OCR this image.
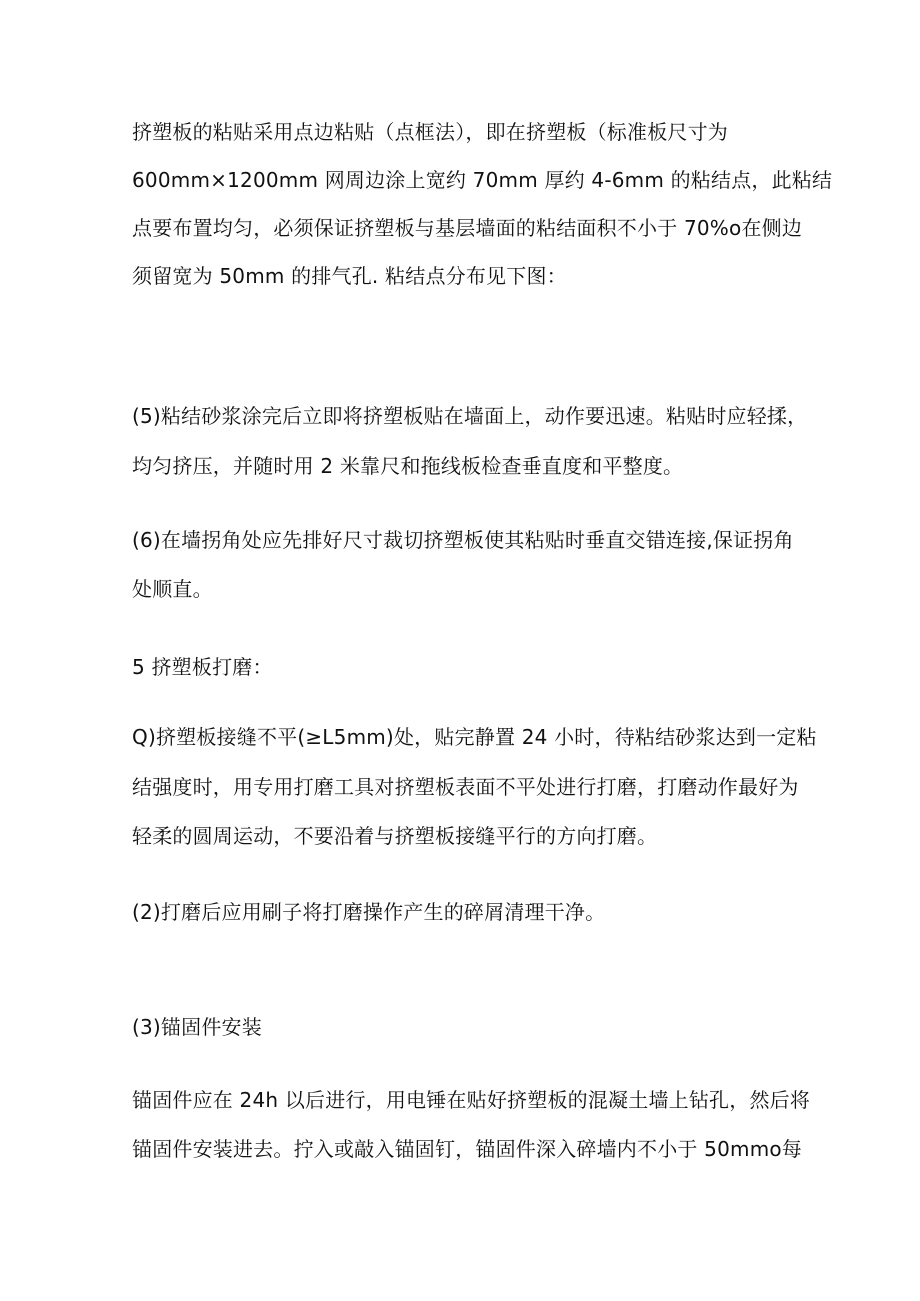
挤塑板的粘贴采用点边粘贴（点框法），即在挤塑板（标准板尺寸为
600mm×1200mm 网周边涂上宽约 70mm 厚约 4-6mm 的粘结点，此粘结
点要布置均匀，必须保证挤塑板与基层墙面的粘结面积不小于 70%o在侧边
须留宽为 50mm 的排气孔. 粘结点分布见下图：
(5)粘结砂浆涂完后立即将挤塑板贴在墙面上，动作要迅速。粘贴时应轻揉，
均匀挤压，并随时用 2 米靠尺和拖线板检查垂直度和平整度。
(6)在墙拐角处应先排好尺寸裁切挤塑板使其粘贴时垂直交错连接,保证拐角
处顺直。
5 挤塑板打磨：
Q)挤塑板接缝不平(≥L5mm)处，贴完静置 24 小时，待粘结砂浆达到一定粘
结强度时，用专用打磨工具对挤塑板表面不平处进行打磨，打磨动作最好为
轻柔的圆周运动，不要沿着与挤塑板接缝平行的方向打磨。
(2)打磨后应用刷子将打磨操作产生的碎屑清理干净。
(3)锚固件安装
锚固件应在 24h 以后进行，用电锤在贴好挤塑板的混凝土墙上钻孔，然后将
锚固件安装进去。拧入或敲入锚固钉，锚固件深入碎墙内不小于 50mmo每
